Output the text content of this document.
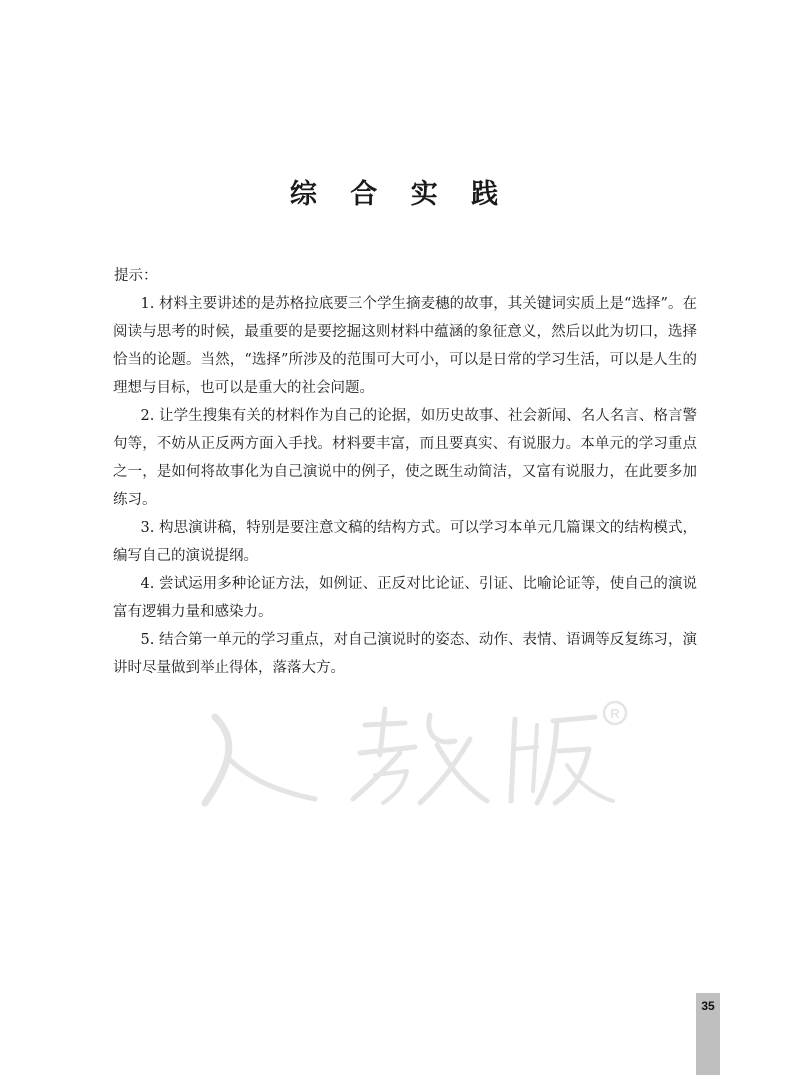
综 合 实 践

提示：

1. 材料主要讲述的是苏格拉底要三个学生摘麦穗的故事，其关键词实质上是“选择”。在阅读与思考的时候，最重要的是要挖掘这则材料中蕴涵的象征意义，然后以此为切口，选择恰当的论题。当然，“选择”所涉及的范围可大可小，可以是日常的学习生活，可以是人生的理想与目标，也可以是重大的社会问题。

2. 让学生搜集有关的材料作为自己的论据，如历史故事、社会新闻、名人名言、格言警句等，不妨从正反两方面入手找。材料要丰富，而且要真实、有说服力。本单元的学习重点之一，是如何将故事化为自己演说中的例子，使之既生动简洁，又富有说服力，在此要多加练习。

3. 构思演讲稿，特别是要注意文稿的结构方式。可以学习本单元几篇课文的结构模式，编写自己的演说提纲。

4. 尝试运用多种论证方法，如例证、正反对比论证、引证、比喻论证等，使自己的演说富有逻辑力量和感染力。

5. 结合第一单元的学习重点，对自己演说时的姿态、动作、表情、语调等反复练习，演讲时尽量做到举止得体，落落大方。

R
35
